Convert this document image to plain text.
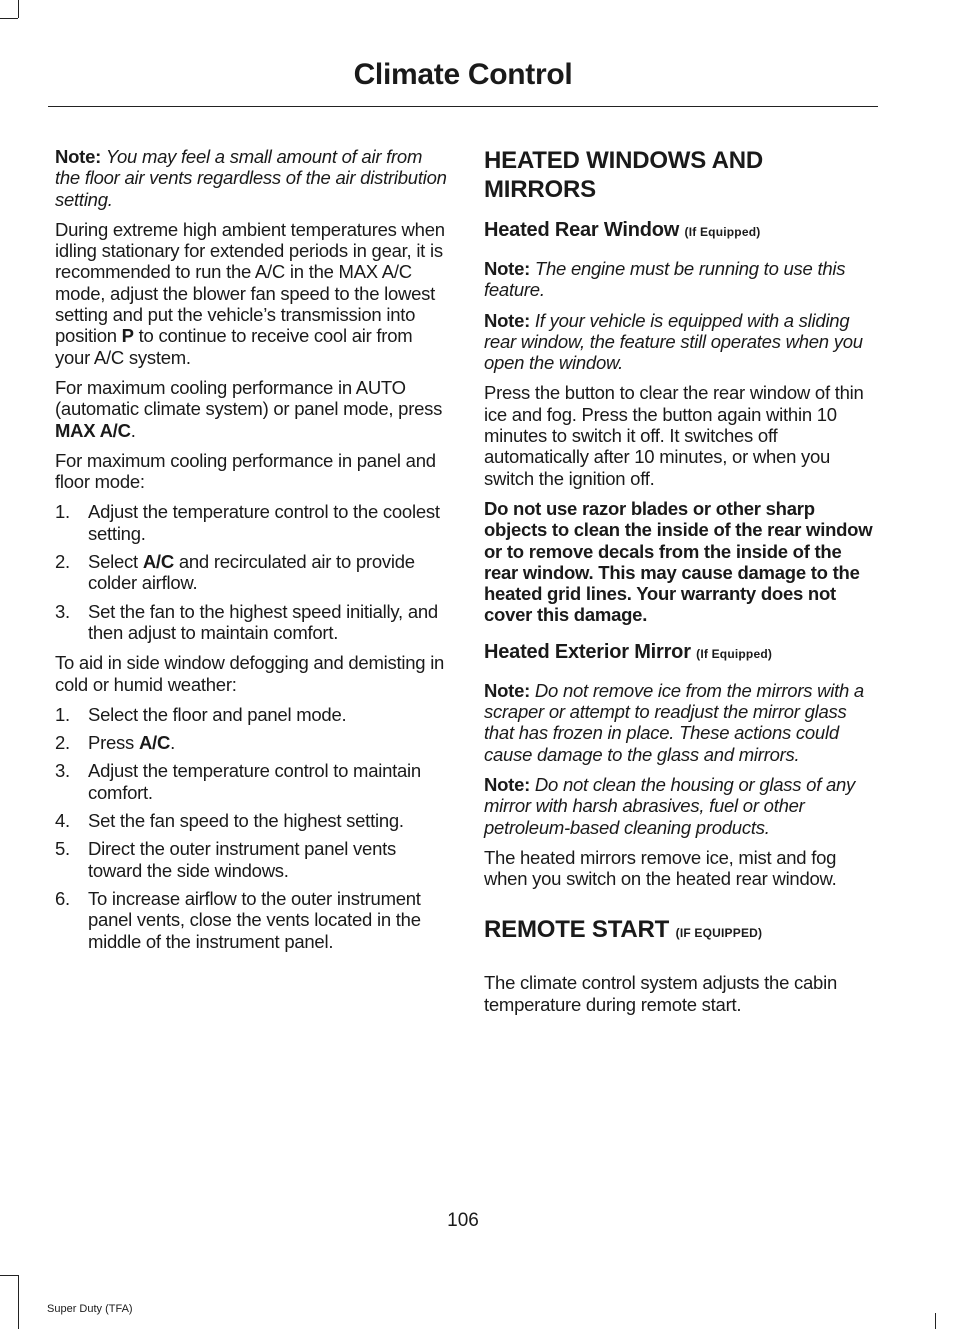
Climate Control

Note: You may feel a small amount of air from the floor air vents regardless of the air distribution setting.

During extreme high ambient temperatures when idling stationary for extended periods in gear, it is recommended to run the A/C in the MAX A/C mode, adjust the blower fan speed to the lowest setting and put the vehicle’s transmission into position P to continue to receive cool air from your A/C system.

For maximum cooling performance in AUTO (automatic climate system) or panel mode, press MAX A/C.

For maximum cooling performance in panel and floor mode:

1. Adjust the temperature control to the coolest setting.
2. Select A/C and recirculated air to provide colder airflow.
3. Set the fan to the highest speed initially, and then adjust to maintain comfort.

To aid in side window defogging and demisting in cold or humid weather:

1. Select the floor and panel mode.
2. Press A/C.
3. Adjust the temperature control to maintain comfort.
4. Set the fan speed to the highest setting.
5. Direct the outer instrument panel vents toward the side windows.
6. To increase airflow to the outer instrument panel vents, close the vents located in the middle of the instrument panel.
HEATED WINDOWS AND MIRRORS
Heated Rear Window (If Equipped)

Note: The engine must be running to use this feature.

Note: If your vehicle is equipped with a sliding rear window, the feature still operates when you open the window.

Press the button to clear the rear window of thin ice and fog. Press the button again within 10 minutes to switch it off. It switches off automatically after 10 minutes, or when you switch the ignition off.

Do not use razor blades or other sharp objects to clean the inside of the rear window or to remove decals from the inside of the rear window. This may cause damage to the heated grid lines. Your warranty does not cover this damage.

Heated Exterior Mirror (If Equipped)

Note: Do not remove ice from the mirrors with a scraper or attempt to readjust the mirror glass that has frozen in place. These actions could cause damage to the glass and mirrors.

Note: Do not clean the housing or glass of any mirror with harsh abrasives, fuel or other petroleum-based cleaning products.

The heated mirrors remove ice, mist and fog when you switch on the heated rear window.

REMOTE START (IF EQUIPPED)

The climate control system adjusts the cabin temperature during remote start.

106
Super Duty (TFA)
